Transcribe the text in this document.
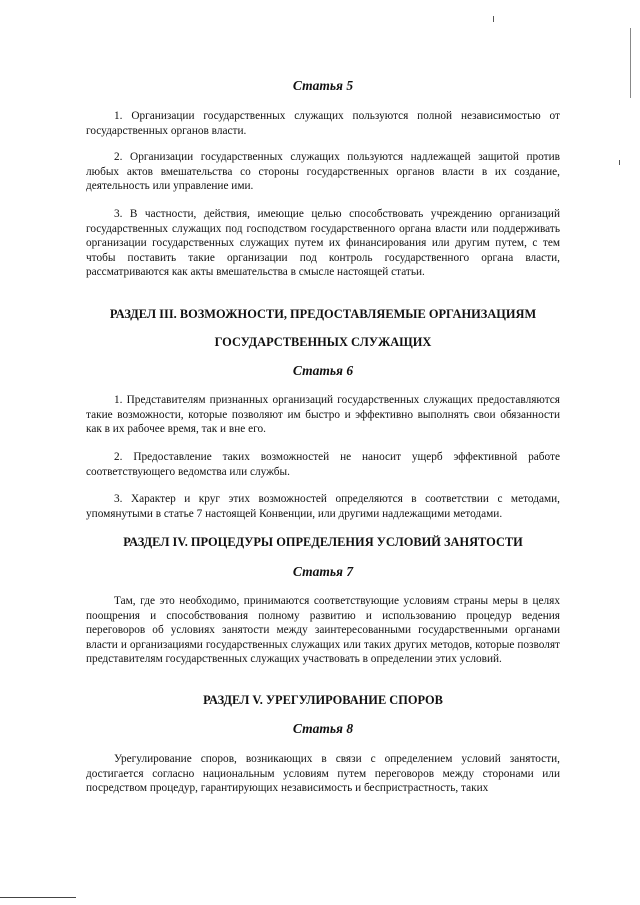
Статья 5

1. Организации государственных служащих пользуются полной независимостью от государственных органов власти.

2. Организации государственных служащих пользуются надлежащей защитой против любых актов вмешательства со стороны государственных органов власти в их создание, деятельность или управление ими.

3. В частности, действия, имеющие целью способствовать учреждению организаций государственных служащих под господством государственного органа власти или поддерживать организации государственных служащих путем их финансирования или другим путем, с тем чтобы поставить такие организации под контроль государственного органа власти, рассматриваются как акты вмешательства в смысле настоящей статьи.

РАЗДЕЛ III. ВОЗМОЖНОСТИ, ПРЕДОСТАВЛЯЕМЫЕ ОРГАНИЗАЦИЯМ

ГОСУДАРСТВЕННЫХ СЛУЖАЩИХ

Статья 6

1. Представителям признанных организаций государственных служащих предоставляются такие возможности, которые позволяют им быстро и эффективно выполнять свои обязанности как в их рабочее время, так и вне его.

2. Предоставление таких возможностей не наносит ущерб эффективной работе соответствующего ведомства или службы.

3. Характер и круг этих возможностей определяются в соответствии с методами, упомянутыми в статье 7 настоящей Конвенции, или другими надлежащими методами.

РАЗДЕЛ IV. ПРОЦЕДУРЫ ОПРЕДЕЛЕНИЯ УСЛОВИЙ ЗАНЯТОСТИ

Статья 7

Там, где это необходимо, принимаются соответствующие условиям страны меры в целях поощрения и способствования полному развитию и использованию процедур ведения переговоров об условиях занятости между заинтересованными государственными органами власти и организациями государственных служащих или таких других методов, которые позволят представителям государственных служащих участвовать в определении этих условий.

РАЗДЕЛ V. УРЕГУЛИРОВАНИЕ СПОРОВ

Статья 8

Урегулирование споров, возникающих в связи с определением условий занятости, достигается согласно национальным условиям путем переговоров между сторонами или посредством процедур, гарантирующих независимость и беспристрастность, таких
